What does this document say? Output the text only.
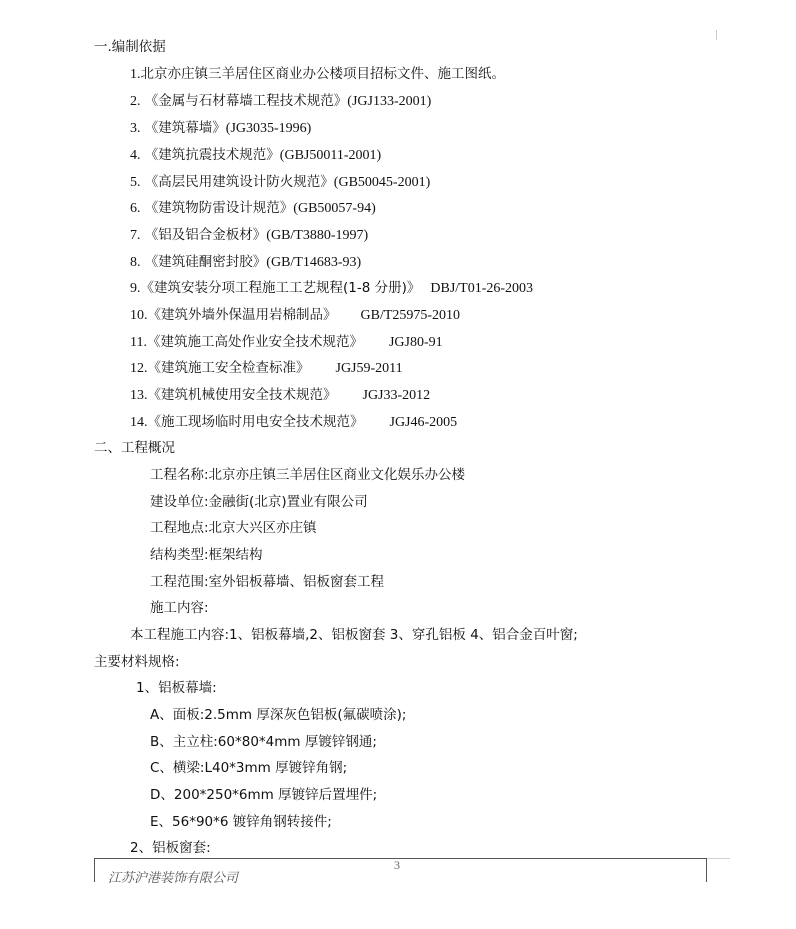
一.编制依据
1.北京亦庄镇三羊居住区商业办公楼项目招标文件、施工图纸。
2. 《金属与石材幕墙工程技术规范》(JGJ133-2001)
3. 《建筑幕墙》(JG3035-1996)
4. 《建筑抗震技术规范》(GBJ50011-2001)
5. 《高层民用建筑设计防火规范》(GB50045-2001)
6. 《建筑物防雷设计规范》(GB50057-94)
7. 《铝及铝合金板材》(GB/T3880-1997)
8. 《建筑硅酮密封胶》(GB/T14683-93)
9.《建筑安装分项工程施工工艺规程(1-8 分册)》 DBJ/T01-26-2003
10.《建筑外墙外保温用岩棉制品》 GB/T25975-2010
11.《建筑施工高处作业安全技术规范》 JGJ80-91
12.《建筑施工安全检查标准》 JGJ59-2011
13.《建筑机械使用安全技术规范》 JGJ33-2012
14.《施工现场临时用电安全技术规范》 JGJ46-2005
二、工程概况
工程名称:北京亦庄镇三羊居住区商业文化娱乐办公楼
建设单位:金融街(北京)置业有限公司
工程地点:北京大兴区亦庄镇
结构类型:框架结构
工程范围:室外铝板幕墙、铝板窗套工程
施工内容:
本工程施工内容:1、铝板幕墙,2、铝板窗套 3、穿孔铝板 4、铝合金百叶窗;
主要材料规格:
1、铝板幕墙:
A、面板:2.5mm 厚深灰色铝板(氟碳喷涂);
B、主立柱:60*80*4mm 厚镀锌钢通;
C、横梁:L40*3mm 厚镀锌角钢;
D、200*250*6mm 厚镀锌后置埋件;
E、56*90*6 镀锌角钢转接件;
2、铝板窗套:
3
江苏沪港装饰有限公司
